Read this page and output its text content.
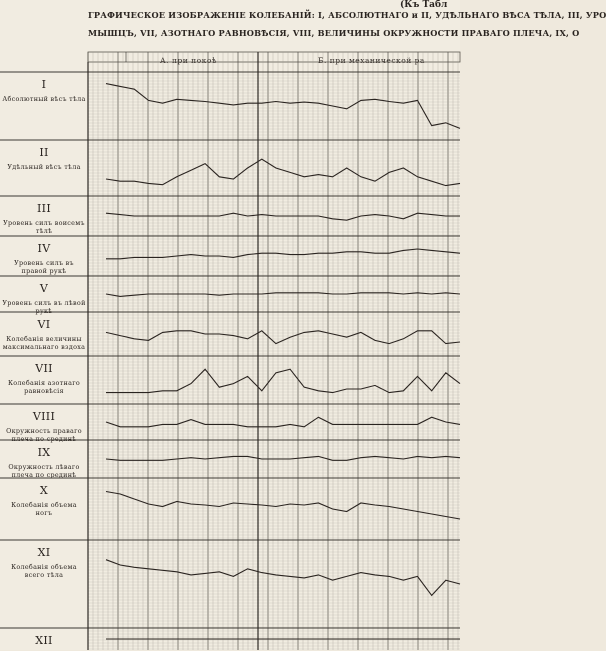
(Къ Табл
ГРАФИЧЕСКОЕ ИЗОБРАЖЕНІЕ КОЛЕБАНІЙ: I, АБСОЛЮТНАГО и II, УДѢЛЬНАГО ВѢСА ТѢЛА, III, УРО
МЫШЦЪ, VII, АЗОТНАГО РАВНОВѢСІЯ, VIII, ВЕЛИЧИНЫ ОКРУЖНОСТИ ПРАВАГО ПЛЕЧА, IX, О
А. при покоѣ	Б. при механической ра
I
Абсолютный вѣсъ тѣла
II
Удѣльный вѣсъ тѣла
III
Уровень силъ воисемъ тѣлѣ
IV
Уровень силъ въ правой рукѣ
V
Уровень силъ въ лѣвой рукѣ
VI
Колебанія величины максимальнаго вздоха
VII
Колебанія азотнаго равновѣсія
VIII
Окружность праваго плеча по срединѣ
IX
Окружность лѣваго плеча по срединѣ
X
Колебанія объема ногъ
XI
Колебанія объема всего тѣла
XII
